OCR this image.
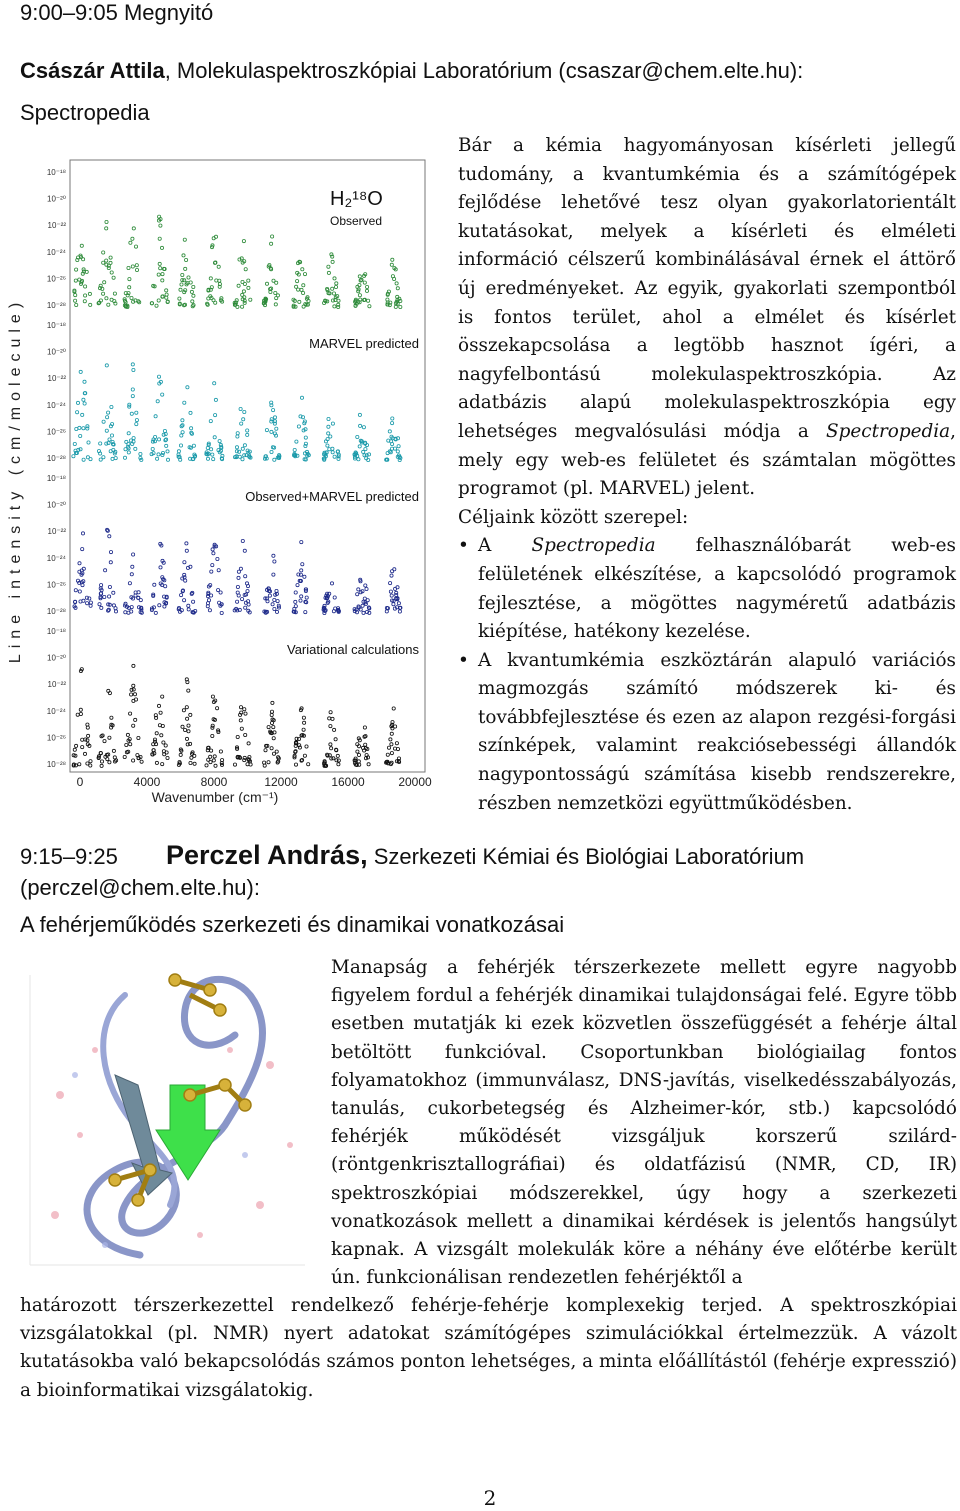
9:00–9:05 Megnyitó
Császár Attila, Molekulaspektroszkópiai Laboratórium (csaszar@chem.elte.hu):
Spectropedia
Line intensity (cm/molecule)
10⁻¹⁸
10⁻²⁰
10⁻²²
10⁻²⁴
10⁻²⁶
10⁻²⁸
H₂¹⁸O
Observed
10⁻¹⁸
10⁻²⁰
10⁻²²
10⁻²⁴
10⁻²⁶
10⁻²⁸
MARVEL predicted
10⁻¹⁸
10⁻²⁰
10⁻²²
10⁻²⁴
10⁻²⁶
10⁻²⁸
Observed+MARVEL predicted
10⁻¹⁸
10⁻²⁰
10⁻²²
10⁻²⁴
10⁻²⁶
10⁻²⁸
Variational calculations
0	4000	8000	12000	16000	20000
Wavenumber (cm⁻¹)

Bár a kémia hagyományosan kísérleti jellegű tudomány, a kvantumkémia és a számítógépek fejlődése lehetővé tesz olyan gyakorlatorientált kutatásokat, melyek a kísérleti és elméleti információ célszerű kombinálásával érnek el áttörő új eredményeket. Az egyik, gyakorlati szempontból is fontos terület, ahol a elmélet és kísérlet összekapcsolása a legtöbb hasznot ígéri, a nagyfelbontású molekulaspektroszkópia. Az adatbázis alapú molekulaspektroszkópia egy lehetséges megvalósulási módja a Spectropedia, mely egy web-es felületet és számtalan mögöttes programot (pl. MARVEL) jelent.

Céljaink között szerepel:

• A Spectropedia felhasználóbarát web-es felületének elkészítése, a kapcsolódó programok fejlesztése, a mögöttes nagyméretű adatbázis kiépítése, hatékony kezelése.
• A kvantumkémia eszköztárán alapuló variációs magmozgás számító módszerek ki- és továbbfejlesztése és ezen az alapon rezgési-forgási színképek, valamint reakciósebességi állandók nagypontosságú számítása kisebb rendszerekre, részben nemzetközi együttműködésben.
9:15–9:25 Perczel András, Szerkezeti Kémiai és Biológiai Laboratórium (perczel@chem.elte.hu):
A fehérjeműködés szerkezeti és dinamikai vonatkozásai
Manapság a fehérjék térszerkezete mellett egyre nagyobb figyelem fordul a fehérjék dinamikai tulajdonságai felé. Egyre több esetben mutatják ki ezek közvetlen összefüggését a fehérje által betöltött funkcióval. Csoportunkban biológiailag fontos folyamatokhoz (immunválasz, DNS-javítás, viselkedésszabályozás, tanulás, cukorbetegség és Alzheimer-kór, stb.) kapcsolódó fehérjék működését vizsgáljuk korszerű szilárd- (röntgenkrisztallográfiai) és oldatfázisú (NMR, CD, IR) spektroszkópiai módszerekkel, úgy hogy a szerkezeti vonatkozások mellett a dinamikai kérdések is jelentős hangsúlyt kapnak. A vizsgált molekulák köre a néhány éve előtérbe került ún. funkcionálisan rendezetlen fehérjéktől a
határozott térszerkezettel rendelkező fehérje-fehérje komplexekig terjed. A spektroszkópiai vizsgálatokkal (pl. NMR) nyert adatokat számítógépes szimulációkkal értelmezzük. A vázolt kutatásokba való bekapcsolódás számos ponton lehetséges, a minta előállítástól (fehérje expresszió) a bioinformatikai vizsgálatokig.
2
